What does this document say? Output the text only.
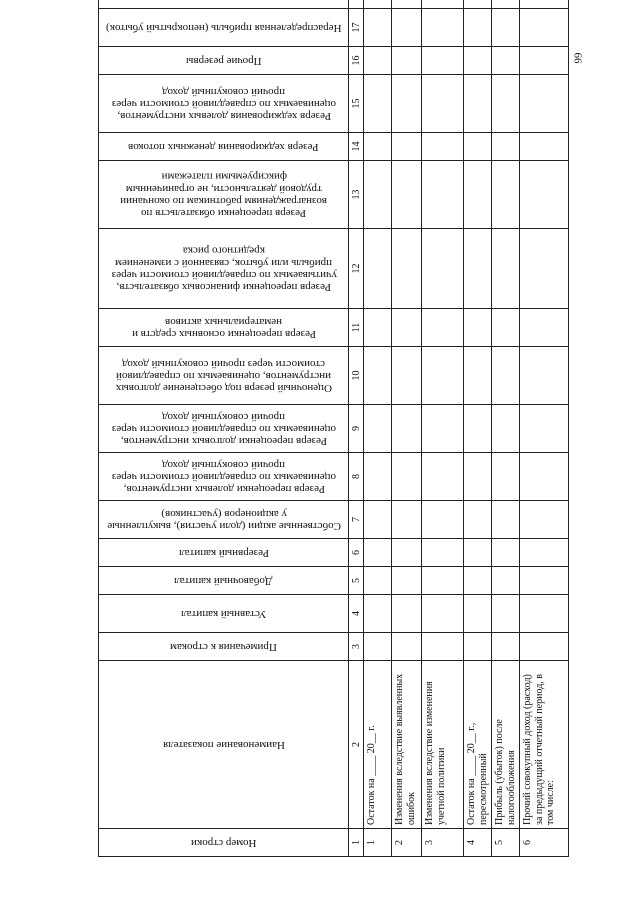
66
Номер строки	Наименование показателя	Примечания к строкам	Уставный капитал	Добавочный капитал	Резервный капитал	Собственные акции (доли участия), выкупленные у акционеров (участников)	Резерв переоценки долевых инструментов, оцениваемых по справедливой стоимости через прочий совокупный доход	Резерв переоценки долговых инструментов, оцениваемых по справедливой стоимости через прочий совокупный доход	Оценочный резерв под обесценение долговых инструментов, оцениваемых по справедливой стоимости через прочий совокупный доход	Резерв переоценки основных средств и нематериальных активов	Резерв переоценки финансовых обязательств, учитываемых по справедливой стоимости через прибыль или убыток, связанной с изменением кредитного риска	Резерв переоценки обязательств по вознаграждениям работникам по окончании трудовой деятельности, не ограниченным фиксируемыми платежами	Резерв хеджирования денежных потоков	Резерв хеджирования долевых инструментов, оцениваемых по справедливой стоимости через прочий совокупный доход	Прочие резервы	Нераспределенная прибыль (непокрытый убыток)

1	2	3	4	5	6	7	8	9	10	11	12	13	14	15	16	17	
1	Остаток на ____ 20__ г.																
2	Изменения вследствие выявленных ошибок																
3	Изменения вследствие изменения учетной политики																
4	Остаток на ____ 20__ г., пересмотренный																
5	Прибыль (убыток) после налогообложения																
6	Прочий совокупный доход (расход) за предыдущий отчетный период, в том числе:																
